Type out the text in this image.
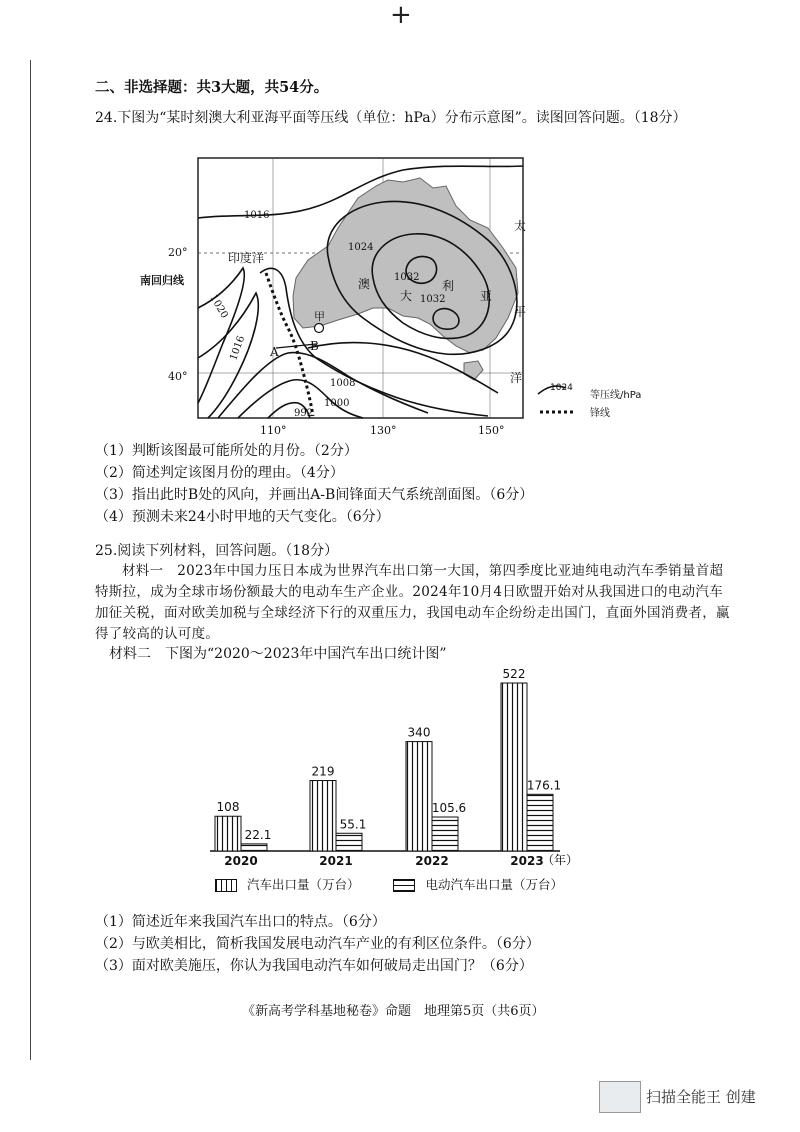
+
二、非选择题：共3大题，共54分。
24.下图为“某时刻澳大利亚海平面等压线（单位：hPa）分布示意图”。读图回答问题。（18分）
20°
40°
南回归线
110°	130°	150°
印度洋
太
平
洋
澳
大
利
亚
甲
1016
1020
1016
1024
1032
1032
1008
1000
992
A	B
1024
等压线/hPa
锋线
（1）判断该图最可能所处的月份。（2分）
（2）简述判定该图月份的理由。（4分）
（3）指出此时B处的风向，并画出A-B间锋面天气系统剖面图。（6分）
（4）预测未来24小时甲地的天气变化。（6分）
25.阅读下列材料，回答问题。（18分）
材料一　2023年中国力压日本成为世界汽车出口第一大国，第四季度比亚迪纯电动汽车季销量首超特斯拉，成为全球市场份额最大的电动车生产企业。2024年10月4日欧盟开始对从我国进口的电动汽车加征关税，面对欧美加税与全球经济下行的双重压力，我国电动车企纷纷走出国门，直面外国消费者，赢得了较高的认可度。
材料二　下图为“2020～2023年中国汽车出口统计图”
108
22.1
219
55.1
340
105.6
522
176.1
2020	2021	2022	2023
（年）
汽车出口量（万台）	电动汽车出口量（万台）
（1）简述近年来我国汽车出口的特点。（6分）
（2）与欧美相比，简析我国发展电动汽车产业的有利区位条件。（6分）
（3）面对欧美施压，你认为我国电动汽车如何破局走出国门？（6分）
《新高考学科基地秘卷》命题　地理第5页（共6页）
扫描全能王 创建
